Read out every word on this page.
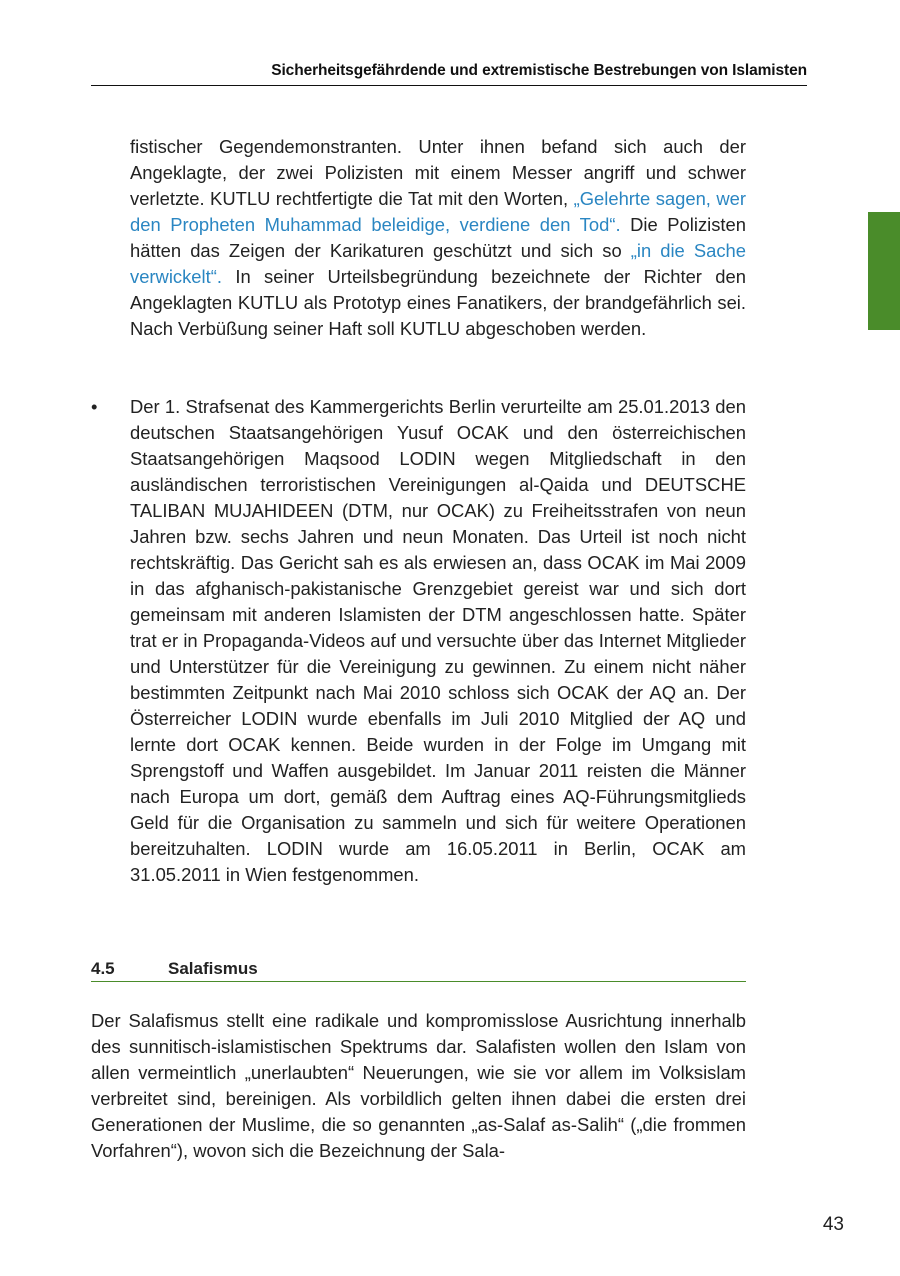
Sicherheitsgefährdende und extremistische Bestrebungen von Islamisten

fistischer Gegendemonstranten. Unter ihnen befand sich auch der Angeklagte, der zwei Polizisten mit einem Messer angriff und schwer verletzte. KUTLU rechtfertigte die Tat mit den Worten, „Gelehrte sagen, wer den Propheten Muhammad beleidige, verdiene den Tod“. Die Polizisten hätten das Zeigen der Karikaturen geschützt und sich so „in die Sache verwickelt“. In seiner Urteilsbegründung bezeichnete der Richter den Angeklagten KUTLU als Prototyp eines Fanatikers, der brandgefährlich sei. Nach Verbüßung seiner Haft soll KUTLU abgeschoben werden.

• Der 1. Strafsenat des Kammergerichts Berlin verurteilte am 25.01.2013 den deutschen Staatsangehörigen Yusuf OCAK und den österreichischen Staatsangehörigen Maqsood LODIN wegen Mitgliedschaft in den ausländischen terroristischen Vereinigungen al-Qaida und DEUTSCHE TALIBAN MUJAHIDEEN (DTM, nur OCAK) zu Freiheitsstrafen von neun Jahren bzw. sechs Jahren und neun Monaten. Das Urteil ist noch nicht rechtskräftig. Das Gericht sah es als erwiesen an, dass OCAK im Mai 2009 in das afghanisch-pakistanische Grenzgebiet gereist war und sich dort gemeinsam mit anderen Islamisten der DTM angeschlossen hatte. Später trat er in Propaganda-Videos auf und versuchte über das Internet Mitglieder und Unterstützer für die Vereinigung zu gewinnen. Zu einem nicht näher bestimmten Zeitpunkt nach Mai 2010 schloss sich OCAK der AQ an. Der Österreicher LODIN wurde ebenfalls im Juli 2010 Mitglied der AQ und lernte dort OCAK kennen. Beide wurden in der Folge im Umgang mit Sprengstoff und Waffen ausgebildet. Im Januar 2011 reisten die Männer nach Europa um dort, gemäß dem Auftrag eines AQ-Führungsmitglieds Geld für die Organisation zu sammeln und sich für weitere Operationen bereitzuhalten. LODIN wurde am 16.05.2011 in Berlin, OCAK am 31.05.2011 in Wien festgenommen.

4.5	Salafismus

Der Salafismus stellt eine radikale und kompromisslose Ausrichtung innerhalb des sunnitisch-islamistischen Spektrums dar. Salafisten wollen den Islam von allen vermeintlich „unerlaubten“ Neuerungen, wie sie vor allem im Volksislam verbreitet sind, bereinigen. Als vorbildlich gelten ihnen dabei die ersten drei Generationen der Muslime, die so genannten „as-Salaf as-Salih“ („die frommen Vorfahren“), wovon sich die Bezeichnung der Sala-

43
